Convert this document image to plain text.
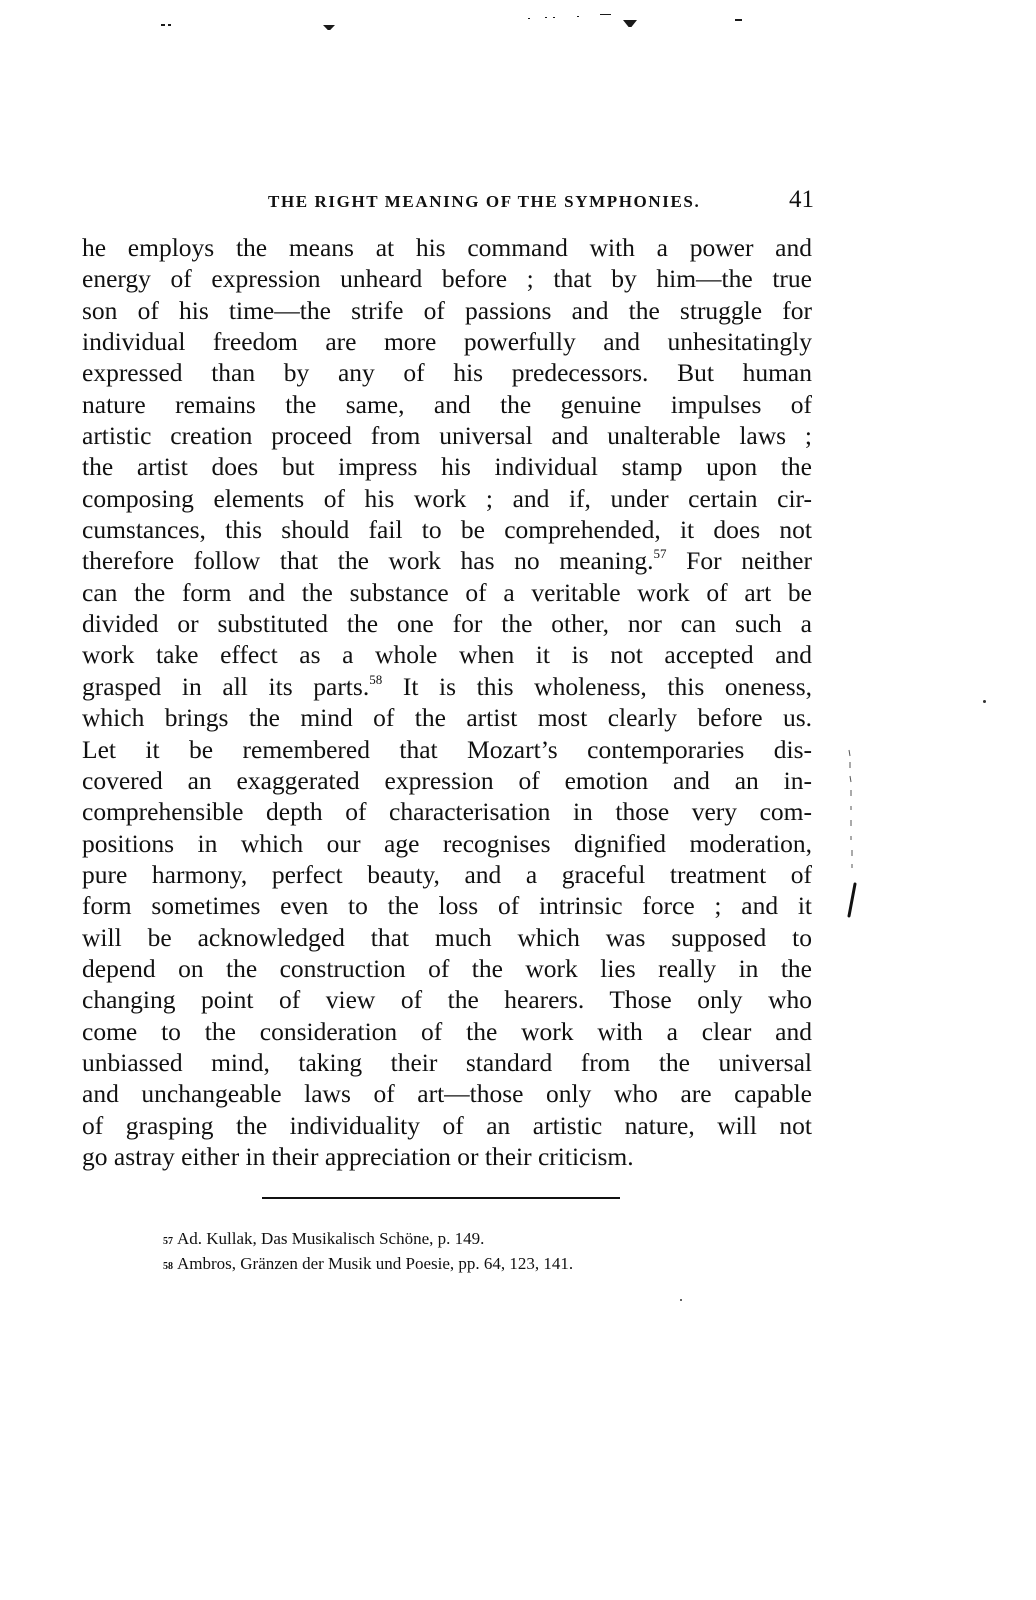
THE RIGHT MEANING OF THE SYMPHONIES.	41
he employs the means at his command with a power and
energy of expression unheard before ; that by him—the true
son of his time—the strife of passions and the struggle for
individual freedom are more powerfully and unhesitatingly
expressed than by any of his predecessors. But human
nature remains the same, and the genuine impulses of
artistic creation proceed from universal and unalterable laws ;
the artist does but impress his individual stamp upon the
composing elements of his work ; and if, under certain cir-
cumstances, this should fail to be comprehended, it does not
therefore follow that the work has no meaning.$^{57}$ For neither
can the form and the substance of a veritable work of art be
divided or substituted the one for the other, nor can such a
work take effect as a whole when it is not accepted and
grasped in all its parts.$^{58}$ It is this wholeness, this oneness,
which brings the mind of the artist most clearly before us.
Let it be remembered that Mozart’s contemporaries dis-
covered an exaggerated expression of emotion and an in-
comprehensible depth of characterisation in those very com-
positions in which our age recognises dignified moderation,
pure harmony, perfect beauty, and a graceful treatment of
form sometimes even to the loss of intrinsic force ; and it
will be acknowledged that much which was supposed to
depend on the construction of the work lies really in the
changing point of view of the hearers. Those only who
come to the consideration of the work with a clear and
unbiassed mind, taking their standard from the universal
and unchangeable laws of art—those only who are capable
of grasping the individuality of an artistic nature, will not
go astray either in their appreciation or their criticism.
$^{57}$ Ad. Kullak, Das Musikalisch Schöne, p. 149.
$^{58}$ Ambros, Gränzen der Musik und Poesie, pp. 64, 123, 141.
